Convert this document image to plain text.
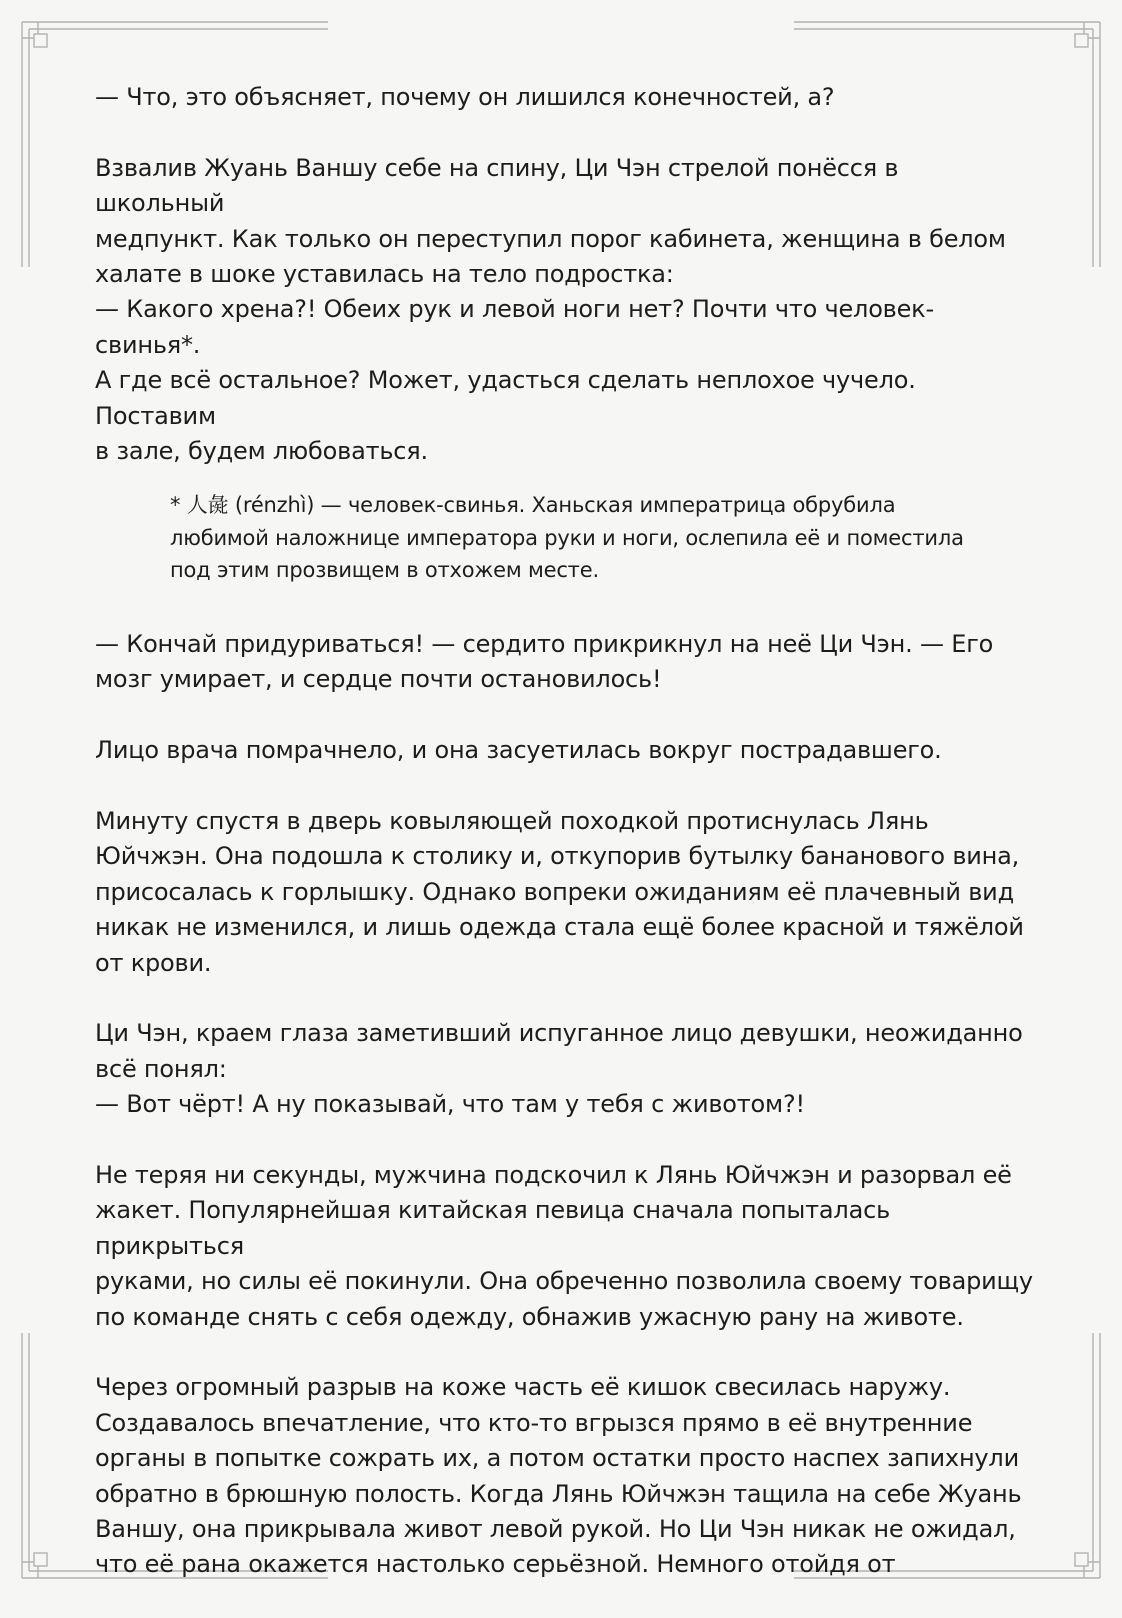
— Что, это объясняет, почему он лишился конечностей, а?

Взвалив Жуань Ваншу себе на спину, Ци Чэн стрелой понёсся в школьный
медпункт. Как только он переступил порог кабинета, женщина в белом
халате в шоке уставилась на тело подростка:
— Какого хрена?! Обеих рук и левой ноги нет? Почти что человек-свинья*.
А где всё остальное? Может, удасться сделать неплохое чучело. Поставим
в зале, будем любоваться.

* 人彘 (rénzhì) — человек-свинья. Ханьская императрица обрубила
любимой наложнице императора руки и ноги, ослепила её и поместила
под этим прозвищем в отхожем месте.

— Кончай придуриваться! — сердито прикрикнул на неё Ци Чэн. — Его
мозг умирает, и сердце почти остановилось!

Лицо врача помрачнело, и она засуетилась вокруг пострадавшего.

Минуту спустя в дверь ковыляющей походкой протиснулась Лянь
Юйчжэн. Она подошла к столику и, откупорив бутылку бананового вина,
присосалась к горлышку. Однако вопреки ожиданиям её плачевный вид
никак не изменился, и лишь одежда стала ещё более красной и тяжёлой
от крови.

Ци Чэн, краем глаза заметивший испуганное лицо девушки, неожиданно
всё понял:
— Вот чёрт! А ну показывай, что там у тебя с животом?!

Не теряя ни секунды, мужчина подскочил к Лянь Юйчжэн и разорвал её
жакет. Популярнейшая китайская певица сначала попыталась прикрыться
руками, но силы её покинули. Она обреченно позволила своему товарищу
по команде снять с себя одежду, обнажив ужасную рану на животе.

Через огромный разрыв на коже часть её кишок свесилась наружу.
Создавалось впечатление, что кто-то вгрызся прямо в её внутренние
органы в попытке сожрать их, а потом остатки просто наспех запихнули
обратно в брюшную полость. Когда Лянь Юйчжэн тащила на себе Жуань
Ваншу, она прикрывала живот левой рукой. Но Ци Чэн никак не ожидал,
что её рана окажется настолько серьёзной. Немного отойдя от
